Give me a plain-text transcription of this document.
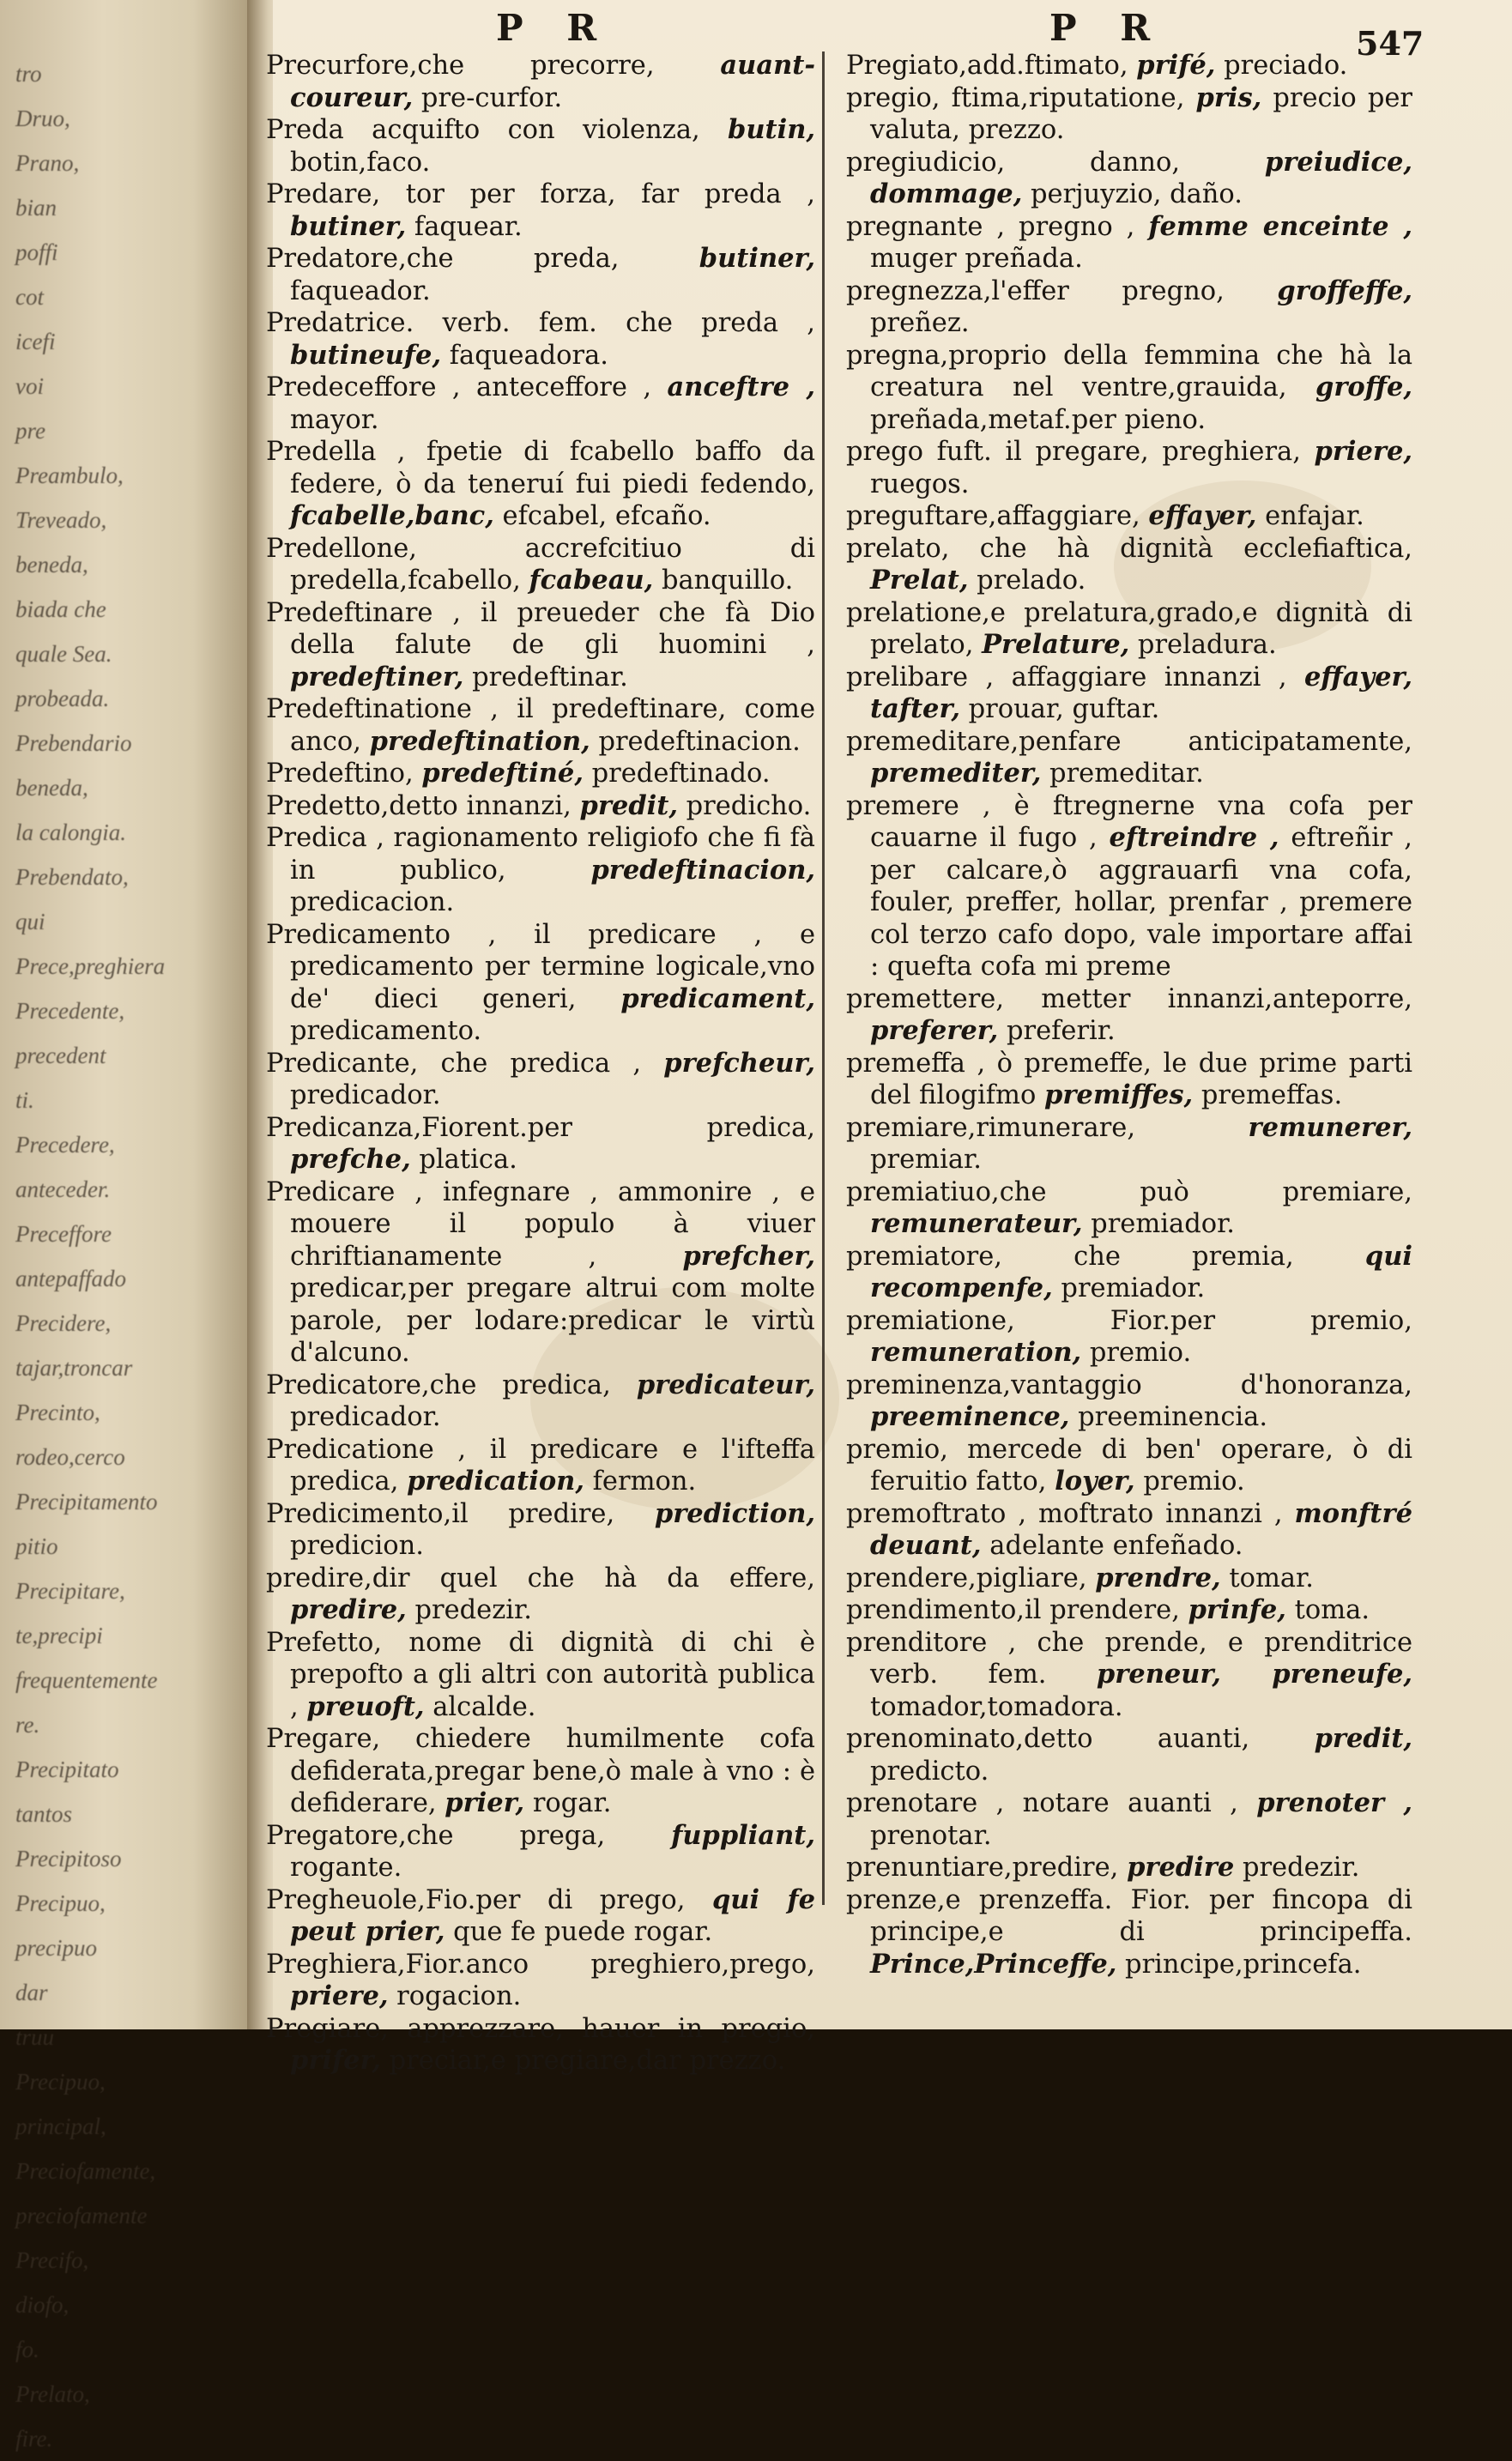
tro
Druo,
Prano,
bian
poffi
cot
icefi
voi
pre
Preambulo,
Treveado,
beneda,
biada che
quale Sea.
probeada.
Prebendario
beneda,
la calongia.
Prebendato,
qui
Prece,preghiera
Precedente,
precedent
ti.
Precedere,
anteceder.
Preceffore
antepaffado
Precidere,
tajar,troncar
Precinto,
rodeo,cerco
Precipitamento
pitio
Precipitare,
te,precipi
frequentemente
re.
Precipitato
tantos
Precipitoso
Precipuo,
precipuo
dar
truu
Precipuo,
principal,
Preciofamente,
preciofamente
Precifo,
diofo,
fo.
Prelato,
fire.
P R	P R	547
Precurfore,che precorre, auant-coureur, pre-curfor.
Preda acquifto con violenza, butin, botin,faco.
Predare, tor per forza, far preda , butiner, faquear.
Predatore,che preda, butiner, faqueador.
Predatrice. verb. fem. che preda , butineufe, faqueadora.
Predeceffore , anteceffore , anceftre , mayor.
Predella , fpetie di fcabello baffo da federe, ò da teneruí fui piedi fedendo, fcabelle,banc, efcabel, efcaño.
Predellone, accrefcitiuo di predella,fcabello, fcabeau, banquillo.
Predeftinare , il preueder che fà Dio della falute de gli huomini , predeftiner, predeftinar.
Predeftinatione , il predeftinare, come anco, predeftination, predeftinacion.
Predeftino, predeftiné, predeftinado.
Predetto,detto innanzi, predit, predicho.
Predica , ragionamento religiofo che fi fà in publico, predeftinacion, predicacion.
Predicamento , il predicare , e predicamento per termine logicale,vno de' dieci generi, predicament, predicamento.
Predicante, che predica , prefcheur, predicador.
Predicanza,Fiorent.per predica, prefche, platica.
Predicare , infegnare , ammonire , e mouere il populo à viuer chriftianamente , prefcher, predicar,per pregare altrui com molte parole, per lodare:predicar le virtù d'alcuno.
Predicatore,che predica, predicateur, predicador.
Predicatione , il predicare e l'ifteffa predica, predication, fermon.
Predicimento,il predire, prediction, predicion.
predire,dir quel che hà da effere, predire, predezir.
Prefetto, nome di dignità di chi è prepofto a gli altri con autorità publica , preuoft, alcalde.
Pregare, chiedere humilmente cofa defiderata,pregar bene,ò male à vno : è defiderare, prier, rogar.
Pregatore,che prega, fuppliant, rogante.
Pregheuole,Fio.per di prego, qui fe peut prier, que fe puede rogar.
Preghiera,Fior.anco preghiero,prego, priere, rogacion.
Pregiare, apprezzare, hauer in pregio, prifer, preciar,e pregiare,dar prezzo.
Pregiato,add.ftimato, prifé, preciado.
pregio, ftima,riputatione, pris, precio per valuta, prezzo.
pregiudicio, danno, preiudice, dommage, perjuyzio, daño.
pregnante , pregno , femme enceinte , muger preñada.
pregnezza,l'effer pregno, groffeffe, preñez.
pregna,proprio della femmina che hà la creatura nel ventre,grauida, groffe, preñada,metaf.per pieno.
prego fuft. il pregare, preghiera, priere, ruegos.
preguftare,affaggiare, effayer, enfajar.
prelato, che hà dignità ecclefiaftica, Prelat, prelado.
prelatione,e prelatura,grado,e dignità di prelato, Prelature, preladura.
prelibare , affaggiare innanzi , effayer, tafter, prouar, guftar.
premeditare,penfare anticipatamente, premediter, premeditar.
premere , è ftregnerne vna cofa per cauarne il fugo , eftreindre , eftreñir , per calcare,ò aggrauarfi vna cofa, fouler, preffer, hollar, prenfar , premere col terzo cafo dopo, vale importare affai : quefta cofa mi preme
premettere, metter innanzi,anteporre, preferer, preferir.
premeffa , ò premeffe, le due prime parti del filogifmo premiffes, premeffas.
premiare,rimunerare, remunerer, premiar.
premiatiuo,che può premiare, remunerateur, premiador.
premiatore, che premia, qui recompenfe, premiador.
premiatione, Fior.per premio, remuneration, premio.
preminenza,vantaggio d'honoranza, preeminence, preeminencia.
premio, mercede di ben' operare, ò di feruitio fatto, loyer, premio.
premoftrato , moftrato innanzi , monftré deuant, adelante enfeñado.
prendere,pigliare, prendre, tomar.
prendimento,il prendere, prinfe, toma.
prenditore , che prende, e prenditrice verb. fem. preneur, preneufe, tomador,tomadora.
prenominato,detto auanti, predit, predicto.
prenotare , notare auanti , prenoter , prenotar.
prenuntiare,predire, predire predezir.
prenze,e prenzeffa. Fior. per fincopa di principe,e di principeffa. Prince,Princeffe, principe,princefa.
